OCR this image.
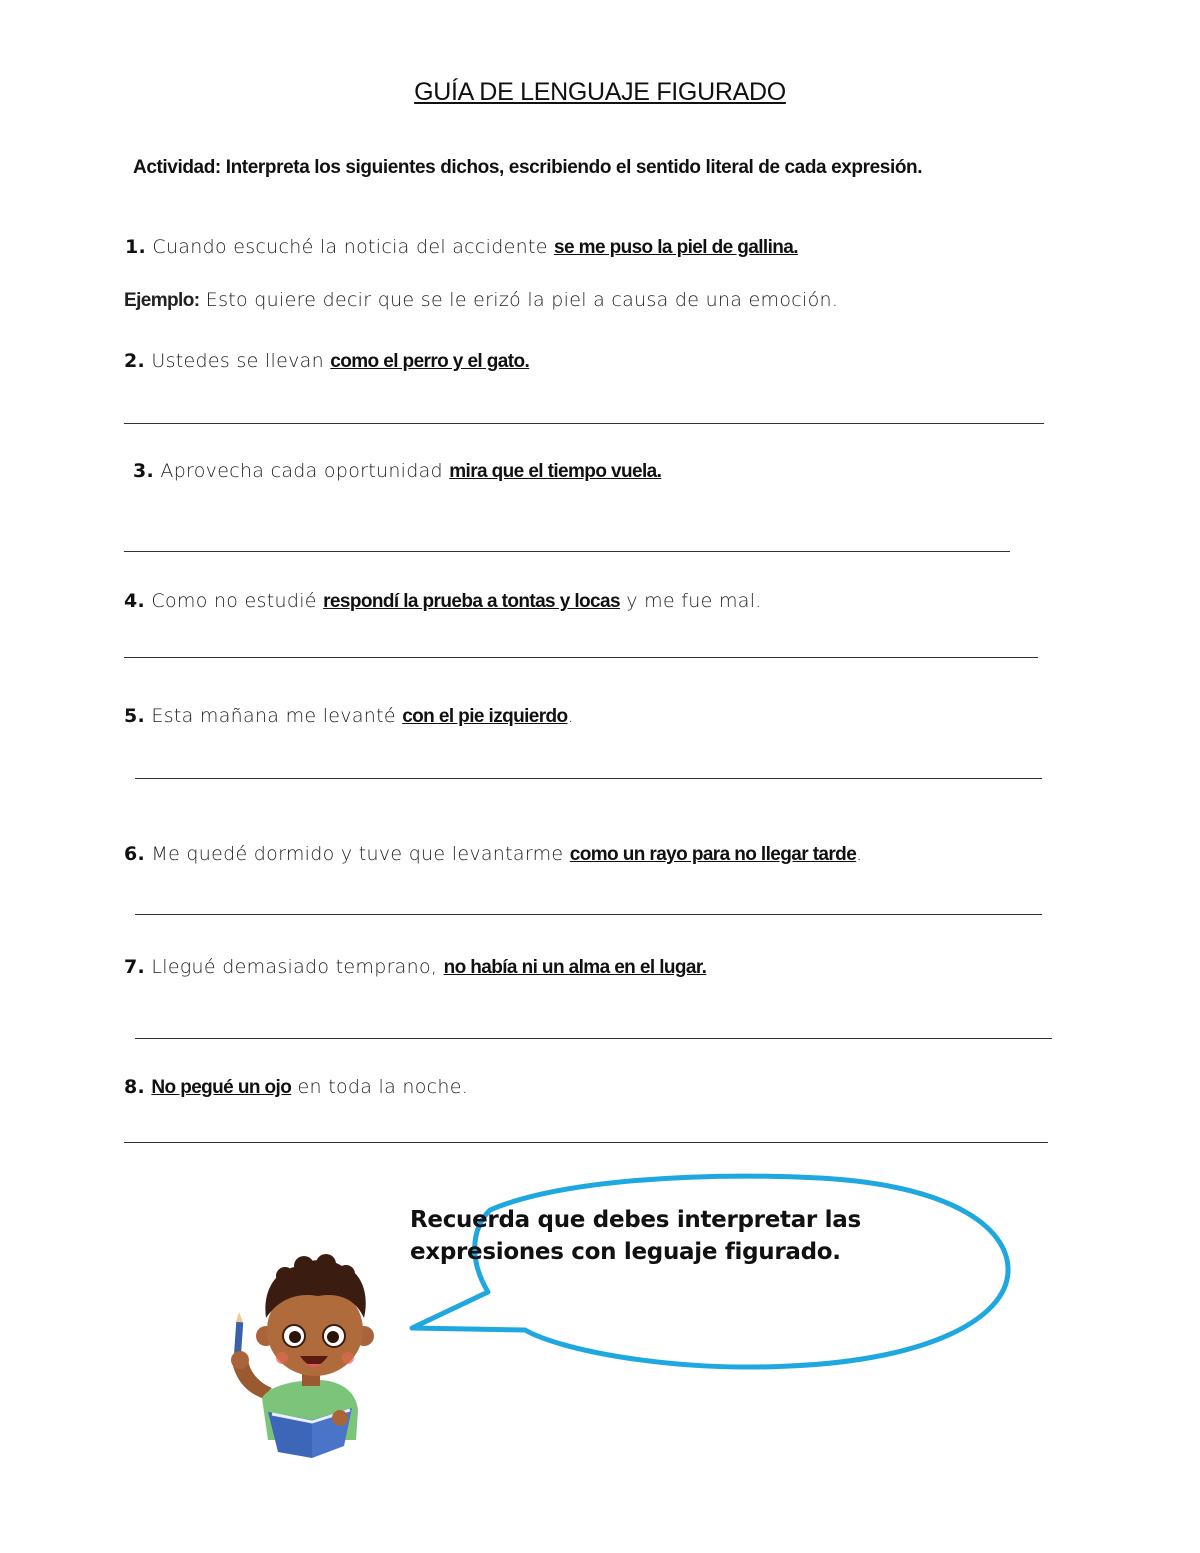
GUÍA DE LENGUAJE FIGURADO
Actividad: Interpreta los siguientes dichos, escribiendo el sentido literal de cada expresión.
1. Cuando escuché la noticia del accidente se me puso la piel de gallina.
Ejemplo: Esto quiere decir que se le erizó la piel a causa de una emoción.
2. Ustedes se llevan como el perro y el gato.
3. Aprovecha cada oportunidad mira que el tiempo vuela.
4. Como no estudié respondí la prueba a tontas y locas y me fue mal.
5. Esta mañana me levanté con el pie izquierdo.
6. Me quedé dormido y tuve que levantarme como un rayo para no llegar tarde.
7. Llegué demasiado temprano, no había ni un alma en el lugar.
8. No pegué un ojo en toda la noche.
Recuerda que debes interpretar las expresiones con leguaje figurado.
